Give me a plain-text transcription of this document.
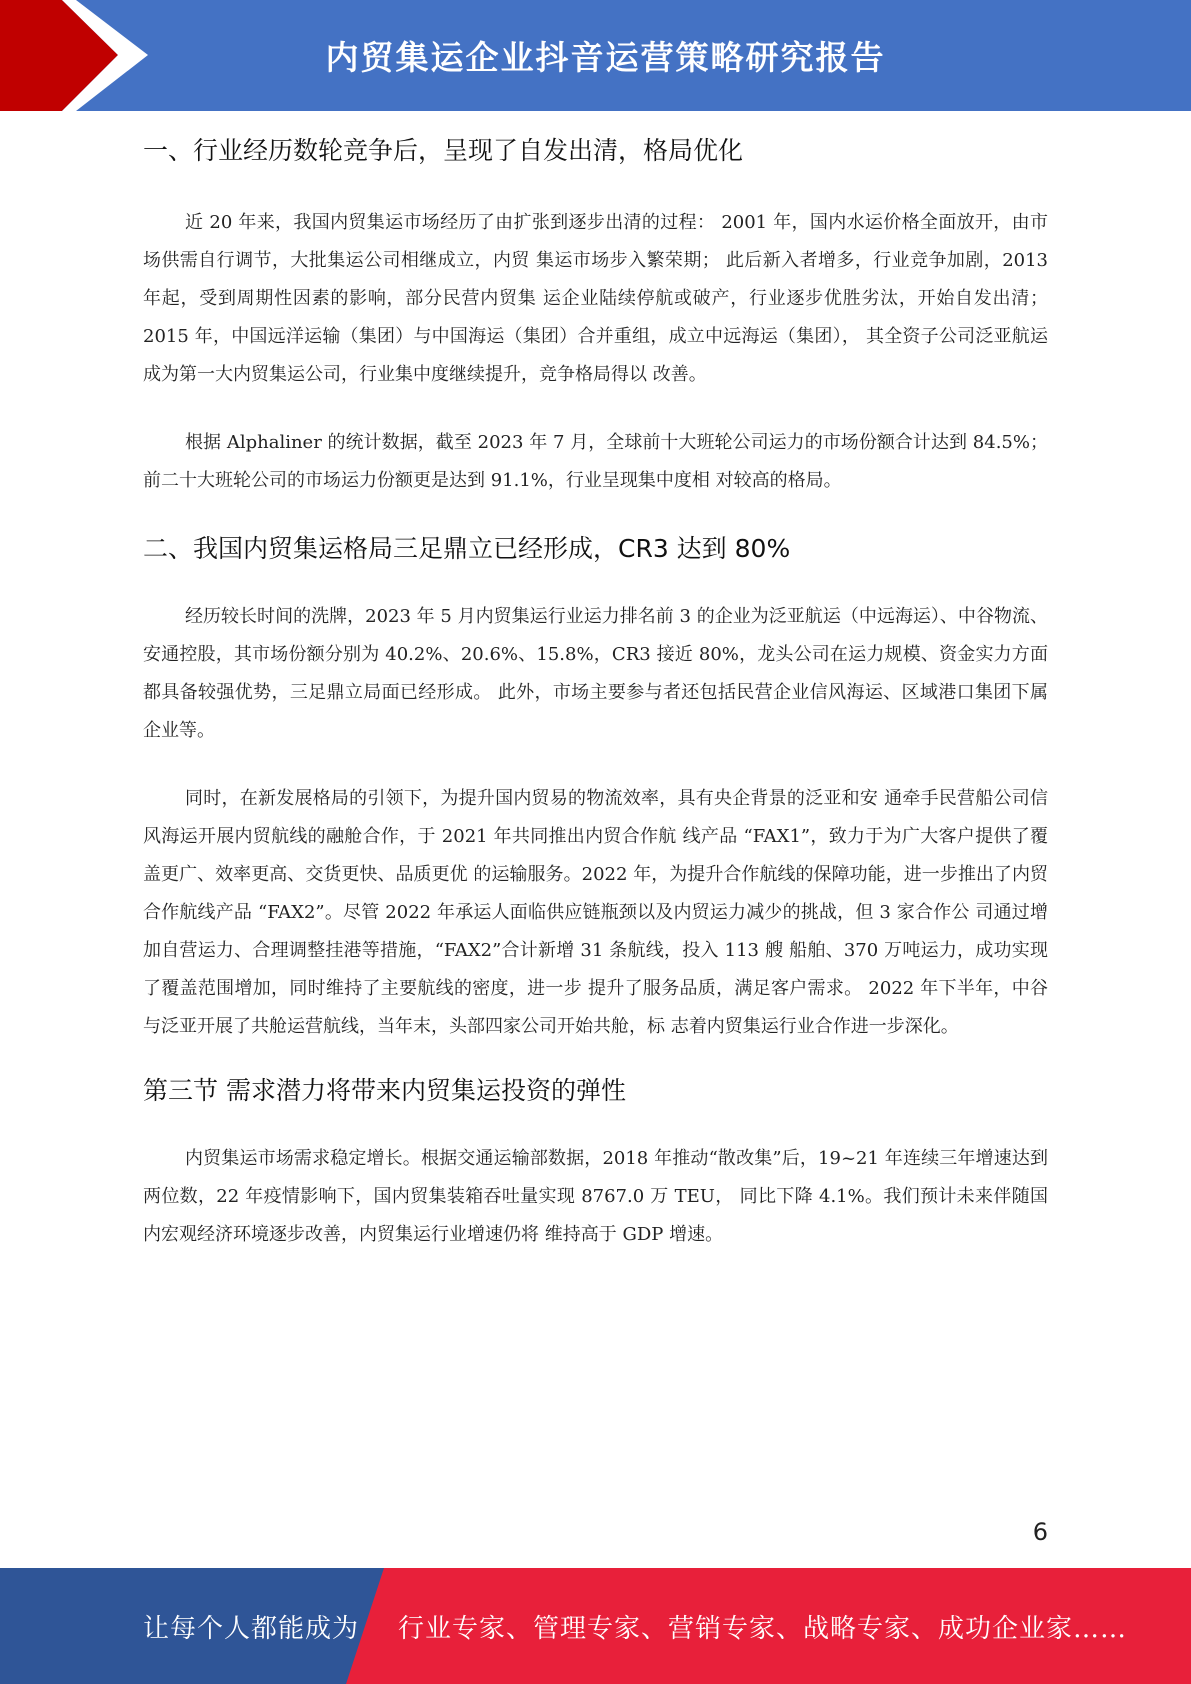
内贸集运企业抖音运营策略研究报告
一、行业经历数轮竞争后，呈现了自发出清，格局优化

近 20 年来，我国内贸集运市场经历了由扩张到逐步出清的过程： 2001 年，国内水运价格全面放开，由市场供需自行调节，大批集运公司相继成立，内贸 集运市场步入繁荣期； 此后新入者增多，行业竞争加剧，2013 年起，受到周期性因素的影响，部分民营内贸集 运企业陆续停航或破产，行业逐步优胜劣汰，开始自发出清； 2015 年，中国远洋运输（集团）与中国海运（集团）合并重组，成立中远海运（集团）， 其全资子公司泛亚航运成为第一大内贸集运公司，行业集中度继续提升，竞争格局得以 改善。

根据 Alphaliner 的统计数据，截至 2023 年 7 月，全球前十大班轮公司运力的市场份额合计达到 84.5%；前二十大班轮公司的市场运力份额更是达到 91.1%，行业呈现集中度相 对较高的格局。

二、我国内贸集运格局三足鼎立已经形成，CR3 达到 80%

经历较长时间的洗牌，2023 年 5 月内贸集运行业运力排名前 3 的企业为泛亚航运（中远海运）、中谷物流、安通控股，其市场份额分别为 40.2%、20.6%、15.8%，CR3 接近 80%，龙头公司在运力规模、资金实力方面都具备较强优势，三足鼎立局面已经形成。 此外，市场主要参与者还包括民营企业信风海运、区域港口集团下属企业等。

同时，在新发展格局的引领下，为提升国内贸易的物流效率，具有央企背景的泛亚和安 通牵手民营船公司信风海运开展内贸航线的融舱合作，于 2021 年共同推出内贸合作航 线产品 “FAX1”，致力于为广大客户提供了覆盖更广、效率更高、交货更快、品质更优 的运输服务。2022 年，为提升合作航线的保障功能，进一步推出了内贸合作航线产品 “FAX2”。尽管 2022 年承运人面临供应链瓶颈以及内贸运力减少的挑战，但 3 家合作公 司通过增加自营运力、合理调整挂港等措施，“FAX2”合计新增 31 条航线，投入 113 艘 船舶、370 万吨运力，成功实现了覆盖范围增加，同时维持了主要航线的密度，进一步 提升了服务品质，满足客户需求。 2022 年下半年，中谷与泛亚开展了共舱运营航线，当年末，头部四家公司开始共舱，标 志着内贸集运行业合作进一步深化。

第三节 需求潜力将带来内贸集运投资的弹性

内贸集运市场需求稳定增长。根据交通运输部数据，2018 年推动“散改集”后，19~21 年连续三年增速达到两位数，22 年疫情影响下，国内贸集装箱吞吐量实现 8767.0 万 TEU， 同比下降 4.1%。我们预计未来伴随国内宏观经济环境逐步改善，内贸集运行业增速仍将 维持高于 GDP 增速。

6
让每个人都能成为 行业专家、管理专家、营销专家、战略专家、成功企业家……
